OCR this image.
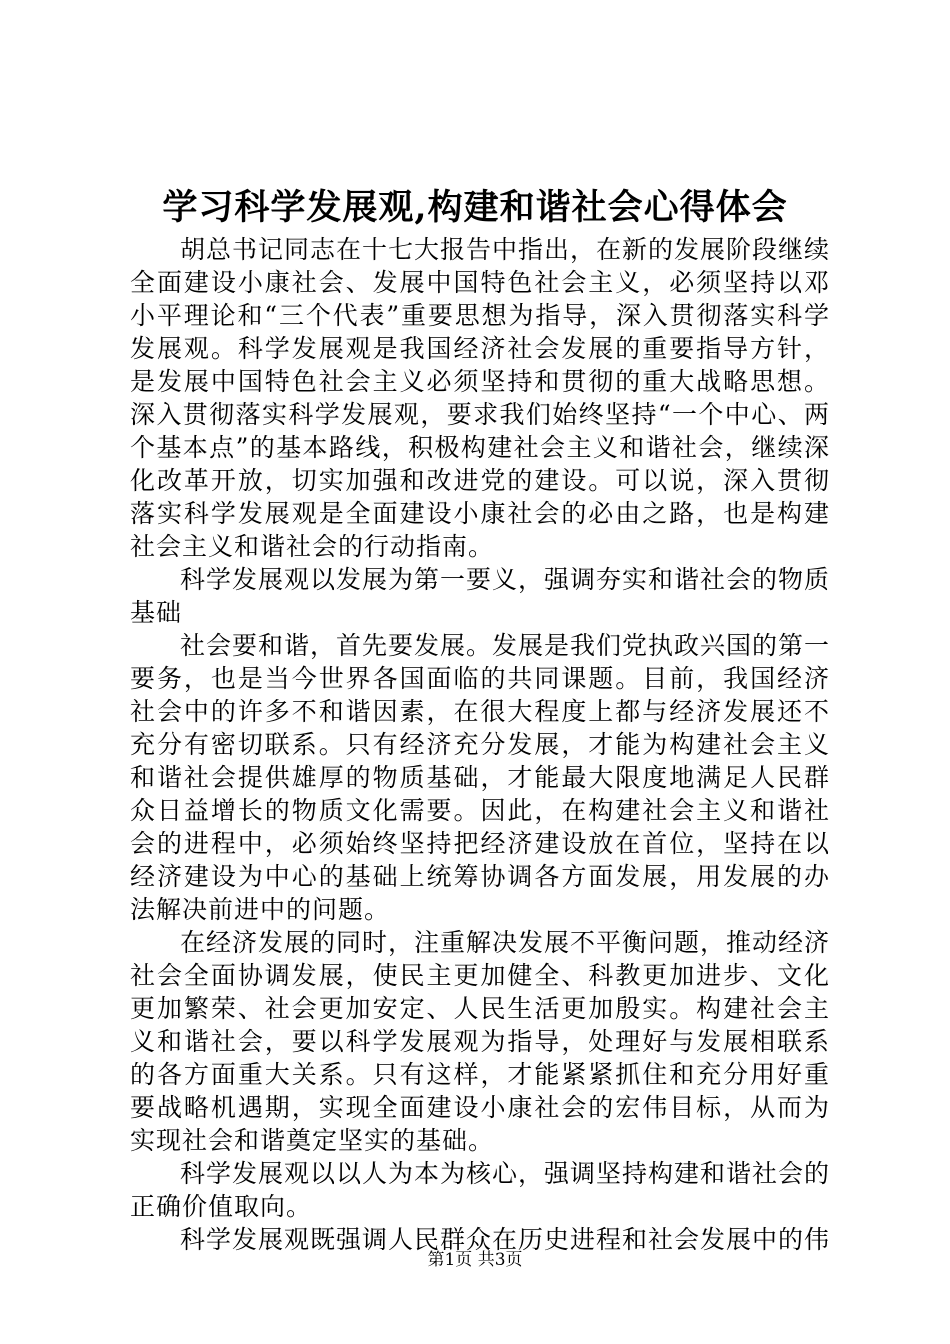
学习科学发展观,构建和谐社会心得体会

胡总书记同志在十七大报告中指出，在新的发展阶段继续全面建设小康社会、发展中国特色社会主义，必须坚持以邓小平理论和“三个代表”重要思想为指导，深入贯彻落实科学发展观。科学发展观是我国经济社会发展的重要指导方针，是发展中国特色社会主义必须坚持和贯彻的重大战略思想。深入贯彻落实科学发展观，要求我们始终坚持“一个中心、两个基本点”的基本路线，积极构建社会主义和谐社会，继续深化改革开放，切实加强和改进党的建设。可以说，深入贯彻落实科学发展观是全面建设小康社会的必由之路，也是构建社会主义和谐社会的行动指南。

科学发展观以发展为第一要义，强调夯实和谐社会的物质基础

社会要和谐，首先要发展。发展是我们党执政兴国的第一要务，也是当今世界各国面临的共同课题。目前，我国经济社会中的许多不和谐因素，在很大程度上都与经济发展还不充分有密切联系。只有经济充分发展，才能为构建社会主义和谐社会提供雄厚的物质基础，才能最大限度地满足人民群众日益增长的物质文化需要。因此，在构建社会主义和谐社会的进程中，必须始终坚持把经济建设放在首位，坚持在以经济建设为中心的基础上统筹协调各方面发展，用发展的办法解决前进中的问题。

在经济发展的同时，注重解决发展不平衡问题，推动经济社会全面协调发展，使民主更加健全、科教更加进步、文化更加繁荣、社会更加安定、人民生活更加殷实。构建社会主义和谐社会，要以科学发展观为指导，处理好与发展相联系的各方面重大关系。只有这样，才能紧紧抓住和充分用好重要战略机遇期，实现全面建设小康社会的宏伟目标，从而为实现社会和谐奠定坚实的基础。

科学发展观以以人为本为核心，强调坚持构建和谐社会的正确价值取向。

科学发展观既强调人民群众在历史进程和社会发展中的伟

第1页 共3页
